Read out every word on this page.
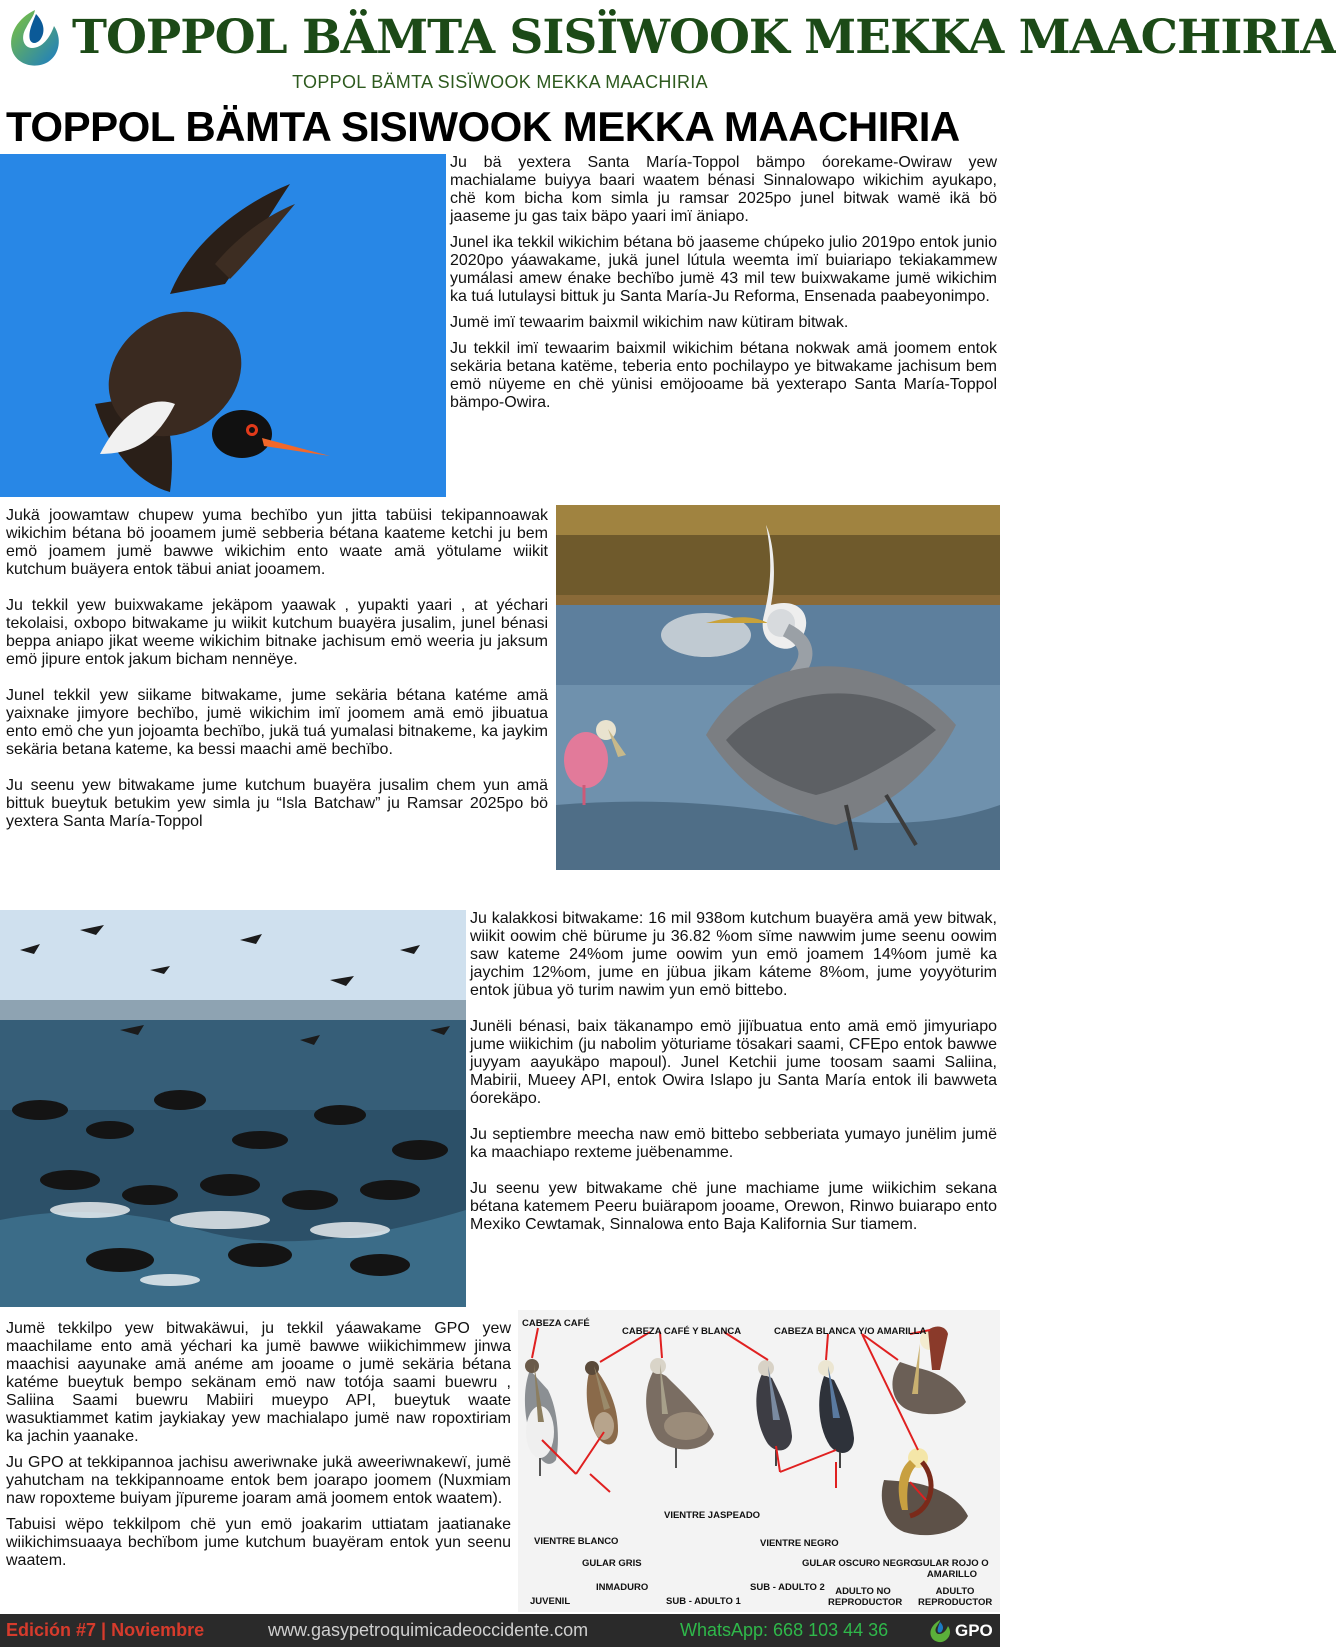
TOPPOL BÄMTA SISÏWOOK MEKKA MAACHIRIA
TOPPOL BÄMTA SISÏWOOK MEKKA MAACHIRIA
TOPPOL BÄMTA SISIWOOK MEKKA MAACHIRIA

Ju bä yextera Santa María-Toppol bämpo óorekame-Owiraw yew machialame buiyya baari waatem bénasi Sinnalowapo wikichim ayukapo, chë kom bicha kom simla ju ramsar 2025po junel bitwak wamë ikä bö jaaseme ju gas taix bäpo yaari imï äniapo.

Junel ika tekkil wikichim bétana bö jaaseme chúpeko julio 2019po entok junio 2020po yáawakame, jukä junel lútula weemta imï buiariapo tekiakammew yumálasi amew énake bechïbo jumë 43 mil tew buixwakame jumë wikichim ka tuá lutulaysi bittuk ju Santa María-Ju Reforma, Ensenada paabeyonimpo.

Jumë imï tewaarim baixmil wikichim naw kütiram bitwak.

Ju tekkil imï tewaarim baixmil wikichim bétana nokwak amä joomem entok sekäria betana katëme, teberia ento pochilaypo ye bitwakame jachisum bem emö nüyeme en chë yünisi emöjooame bä yexterapo Santa María-Toppol bämpo-Owira.

Jukä joowamtaw chupew yuma bechïbo yun jitta tabüisi tekipannoawak wikichim bétana bö jooamem jumë sebberia bétana kaateme ketchi ju bem emö joamem jumë bawwe wikichim ento waate amä yötulame wiikit kutchum buäyera entok täbui aniat jooamem.

Ju tekkil yew buixwakame jekäpom yaawak , yupakti yaari , at yéchari tekolaisi, oxbopo bitwakame ju wiikit kutchum buayëra jusalim, junel bénasi beppa aniapo jikat weeme wikichim bitnake jachisum emö weeria ju jaksum emö jipure entok jakum bicham nennëye.

Junel tekkil yew siikame bitwakame, jume sekäria bétana katéme amä yaixnake jimyore bechïbo, jumë wikichim imï joomem amä emö jibuatua ento emö che yun jojoamta bechïbo, jukä tuá yumalasi bitnakeme, ka jaykim sekäria betana kateme, ka bessi maachi amë bechïbo.

Ju seenu yew bitwakame jume kutchum buayëra jusalim chem yun amä bittuk bueytuk betukim yew simla ju “Isla Batchaw” ju Ramsar 2025po bö yextera Santa María-Toppol

Ju kalakkosi bitwakame: 16 mil 938om kutchum buayëra amä yew bitwak, wiikit oowim chë bürume ju 36.82 %om sïme nawwim jume seenu oowim saw kateme 24%om jume oowim yun emö joamem 14%om jumë ka jaychim 12%om, jume en jübua jikam káteme 8%om, jume yoyyöturim entok jübua yö turim nawim yun emö bittebo.

Junëli bénasi, baix täkanampo emö jijïbuatua ento amä emö jimyuriapo jume wiikichim (ju nabolim yöturiame tösakari saami, CFEpo entok bawwe juyyam aayukäpo mapoul). Junel Ketchii jume toosam saami Saliina, Mabirii, Mueey API, entok Owira Islapo ju Santa María entok ili bawweta óorekäpo.

Ju septiembre meecha naw emö bittebo sebberiata yumayo junëlim jumë ka maachiapo rexteme juëbenamme.

Ju seenu yew bitwakame chë june machiame jume wiikichim sekana bétana katemem Peeru buiärapom jooame, Orewon, Rinwo buiarapo ento Mexiko Cewtamak, Sinnalowa ento Baja Kalifornia Sur tiamem.

Jumë tekkilpo yew bitwakäwui, ju tekkil yáawakame GPO yew maachilame ento amä yéchari ka jumë bawwe wiikichimmew jinwa maachisi aayunake amä anéme am jooame o jumë sekäria bétana katéme bueytuk bempo sekänam emö naw totója saami buewru , Saliina Saami buewru Mabiiri mueypo API, bueytuk waate wasuktiammet katim jaykiakay yew machialapo jumë naw ropoxtiriam ka jachin yaanake.

Ju GPO at tekkipannoa jachisu aweriwnake jukä aweeriwnakewï, jumë yahutcham na tekkipannoame entok bem joarapo joomem (Nuxmiam naw ropoxteme buiyam jïpureme joaram amä joomem entok waatem).

Tabuisi wëpo tekkilpom chë yun emö joakarim uttiatam jaatianake wiikichimsuaaya bechïbom jume kutchum buayëram entok yun seenu waatem.

CABEZA CAFÉ
CABEZA CAFÉ Y BLANCA	CABEZA BLANCA Y/O AMARILLA
VIENTRE JASPEADO
VIENTRE BLANCO	VIENTRE NEGRO
GULAR GRIS	GULAR OSCURO NEGRO
GULAR ROJO O AMARILLO
JUVENIL
INMADURO
SUB - ADULTO 1
SUB - ADULTO 2	ADULTO NO REPRODUCTOR
ADULTO REPRODUCTOR
Edición #7 | Noviembre	www.gasypetroquimicadeoccidente.com	WhatsApp: 668 103 44 36	GPO
